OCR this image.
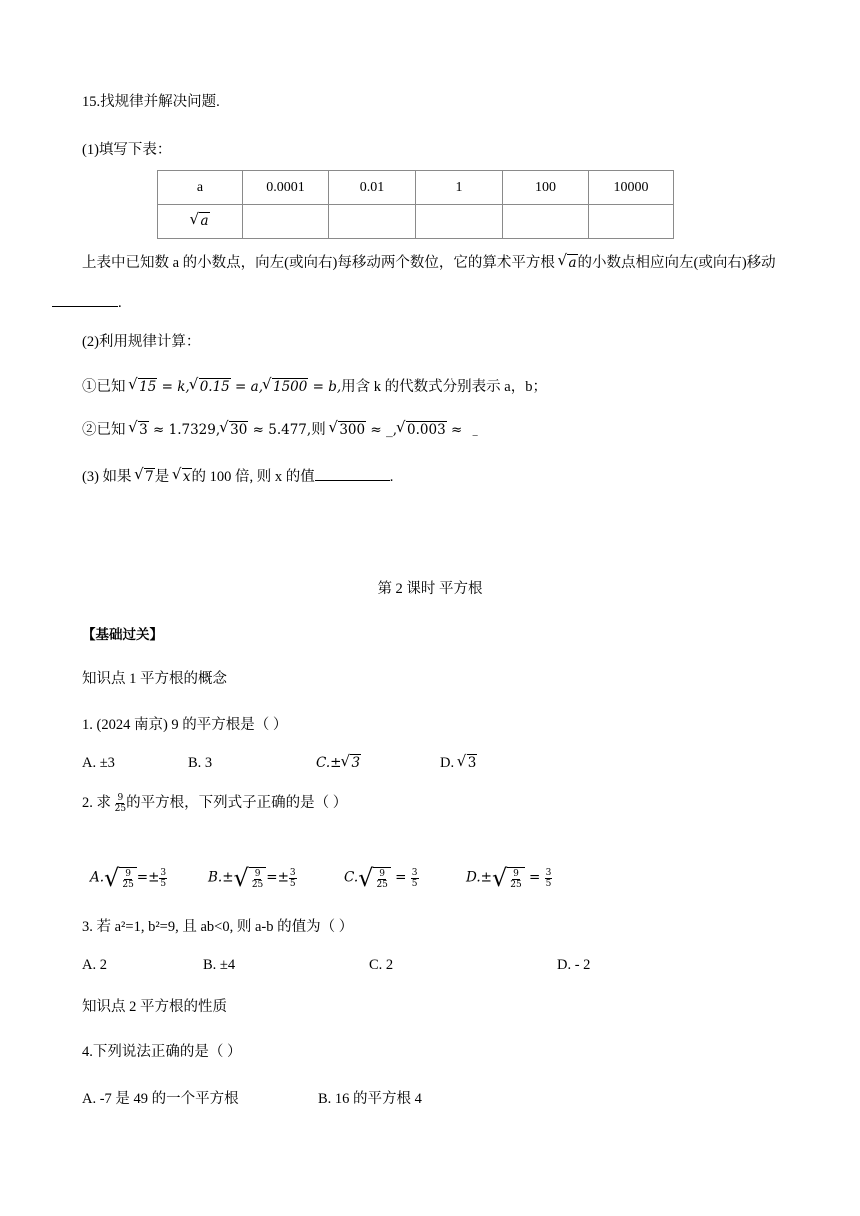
15.找规律并解决问题.
(1)填写下表：
a	0.0001	0.01	1	100	10000
√ a					
上表中已知数 a 的小数点，向左(或向右)每移动两个数位，它的算术平方根 √ a的小数点相应向左(或向右)移动
.
(2)利用规律计算：
①已知 √ 15 = k, √ 0.15 = a, √ 1500 = b,用含 k 的代数式分别表示 a，b；
②已知 √ 3 ≈ 1.7329, √ 30 ≈ 5.477,则 √ 300 ≈ _, √ 0.003 ≈ _
(3) 如果 √ 7是 √ x的 100 倍, 则 x 的值	.
第 2 课时 平方根
【基础过关】
知识点 1 平方根的概念
1. (2024 南京) 9 的平方根是（ ）
A. ±3	B. 3	C.± √ 3	D. √ 3
2. 求 $\frac{9}{25}$ 的平方根，下列式子正确的是（ ）
A. √ $\frac{9}{25} =\pm \frac{3}{5}$	B.± √ $\frac{9}{25} =\pm \frac{3}{5}$	C. √ $\frac{9}{25} = \frac{3}{5}$	D.± √ $\frac{9}{25} = \frac{3}{5}$
3. 若 a²=1, b²=9, 且 ab<0, 则 a-b 的值为（ ）
A. 2	B. ±4	C. 2	D. - 2
知识点 2 平方根的性质
4.下列说法正确的是（ ）
A. -7 是 49 的一个平方根	B. 16 的平方根 4
